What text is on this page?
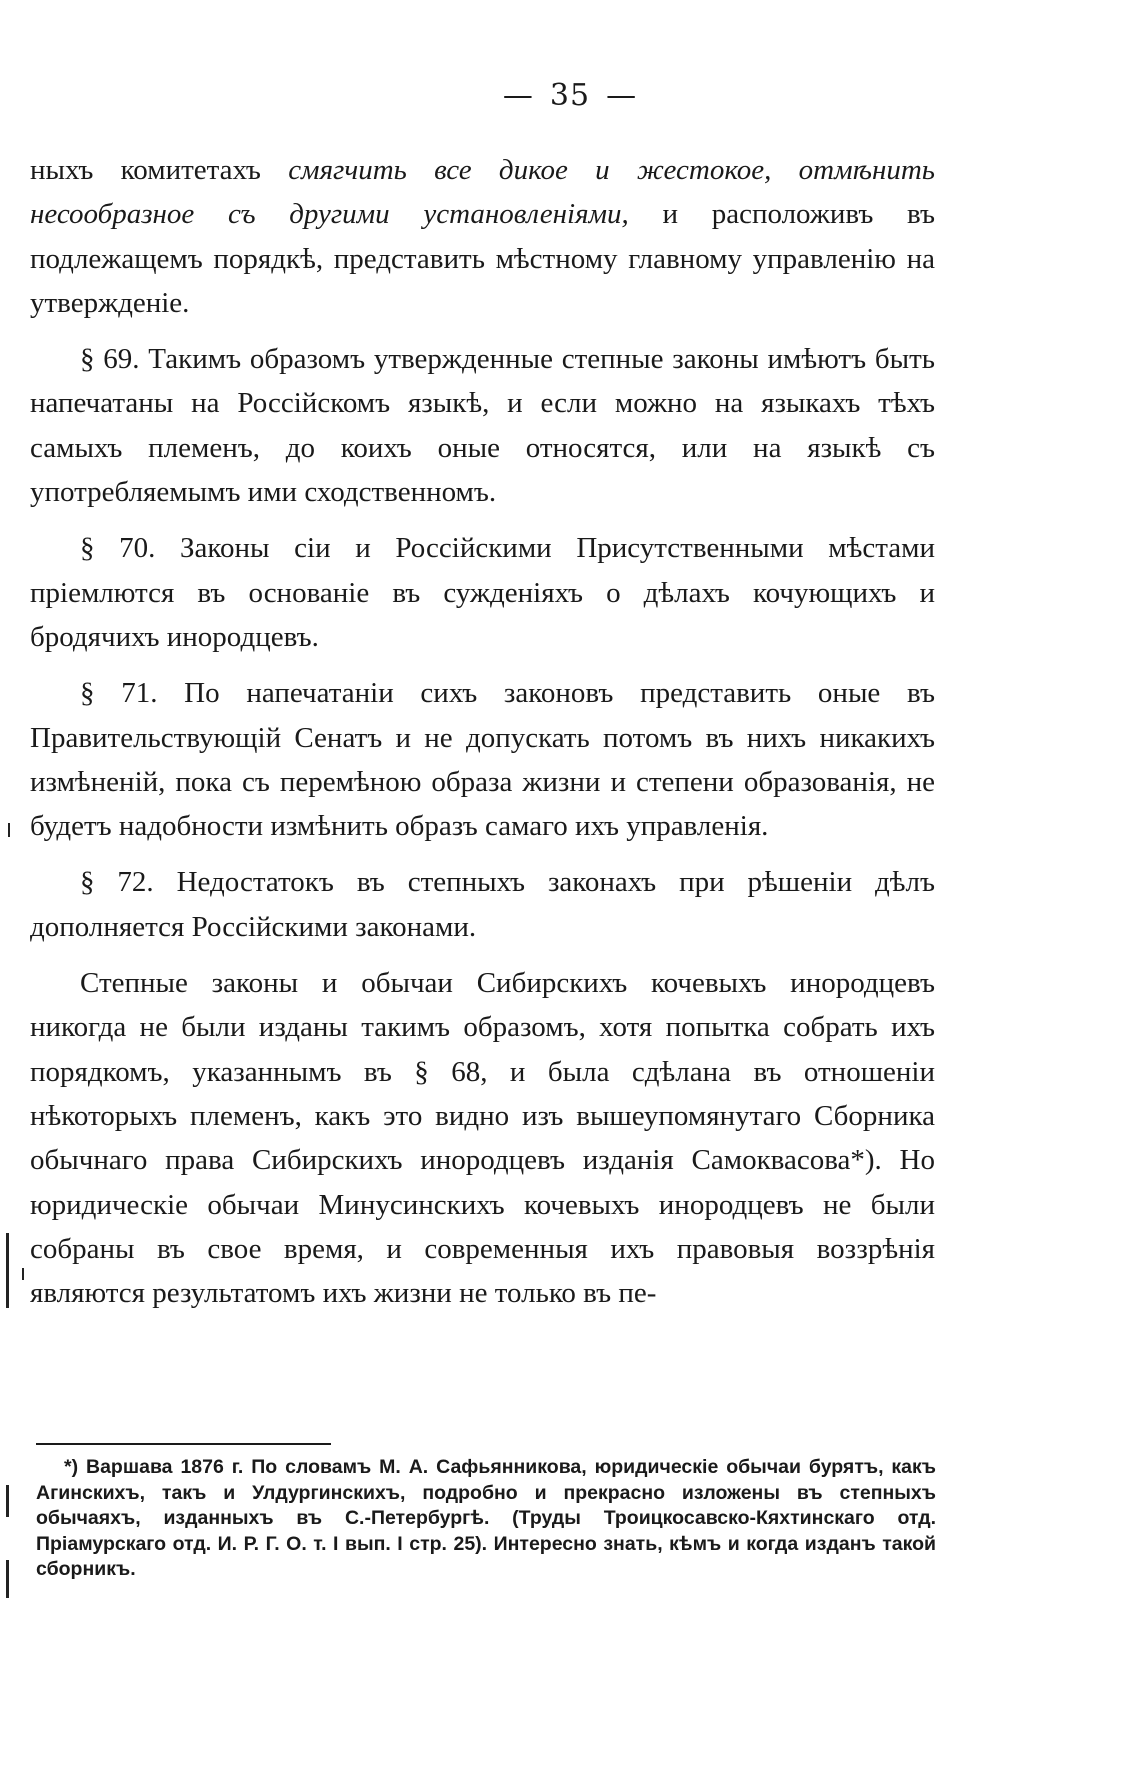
— 35 —

ныхъ комитетахъ смягчить все дикое и жестокое, отмѣнить несообразное съ другими установленіями, и расположивъ въ подлежащемъ порядкѣ, представить мѣстному главному управленію на утвержденіе.

§ 69. Такимъ образомъ утвержденные степные законы имѣютъ быть напечатаны на Россійскомъ языкѣ, и если можно на языкахъ тѣхъ самыхъ племенъ, до коихъ оные относятся, или на языкѣ съ употребляемымъ ими сходственномъ.

§ 70. Законы сіи и Россійскими Присутственными мѣстами пріемлются въ основаніе въ сужденіяхъ о дѣлахъ кочующихъ и бродячихъ инородцевъ.

§ 71. По напечатаніи сихъ законовъ представить оные въ Правительствующій Сенатъ и не допускать потомъ въ нихъ никакихъ измѣненій, пока съ перемѣною образа жизни и степени образованія, не будетъ надобности измѣнить образъ самаго ихъ управленія.

§ 72. Недостатокъ въ степныхъ законахъ при рѣшеніи дѣлъ дополняется Россійскими законами.

Степные законы и обычаи Сибирскихъ кочевыхъ инородцевъ никогда не были изданы такимъ образомъ, хотя попытка собрать ихъ порядкомъ, указаннымъ въ § 68, и была сдѣлана въ отношеніи нѣкоторыхъ племенъ, какъ это видно изъ вышеупомянутаго Сборника обычнаго права Сибирскихъ инородцевъ изданія Самоквасова*). Но юридическіе обычаи Минусинскихъ кочевыхъ инородцевъ не были собраны въ свое время, и современныя ихъ правовыя воззрѣнія являются результатомъ ихъ жизни не только въ пе-

*) Варшава 1876 г. По словамъ М. А. Сафьянникова, юридическіе обычаи бурятъ, какъ Агинскихъ, такъ и Улдургинскихъ, подробно и прекрасно изложены въ степныхъ обычаяхъ, изданныхъ въ С.-Петербургѣ. (Труды Троицкосавско-Кяхтинскаго отд. Пріамурскаго отд. И. Р. Г. О. т. I вып. I стр. 25). Интересно знать, кѣмъ и когда изданъ такой сборникъ.
